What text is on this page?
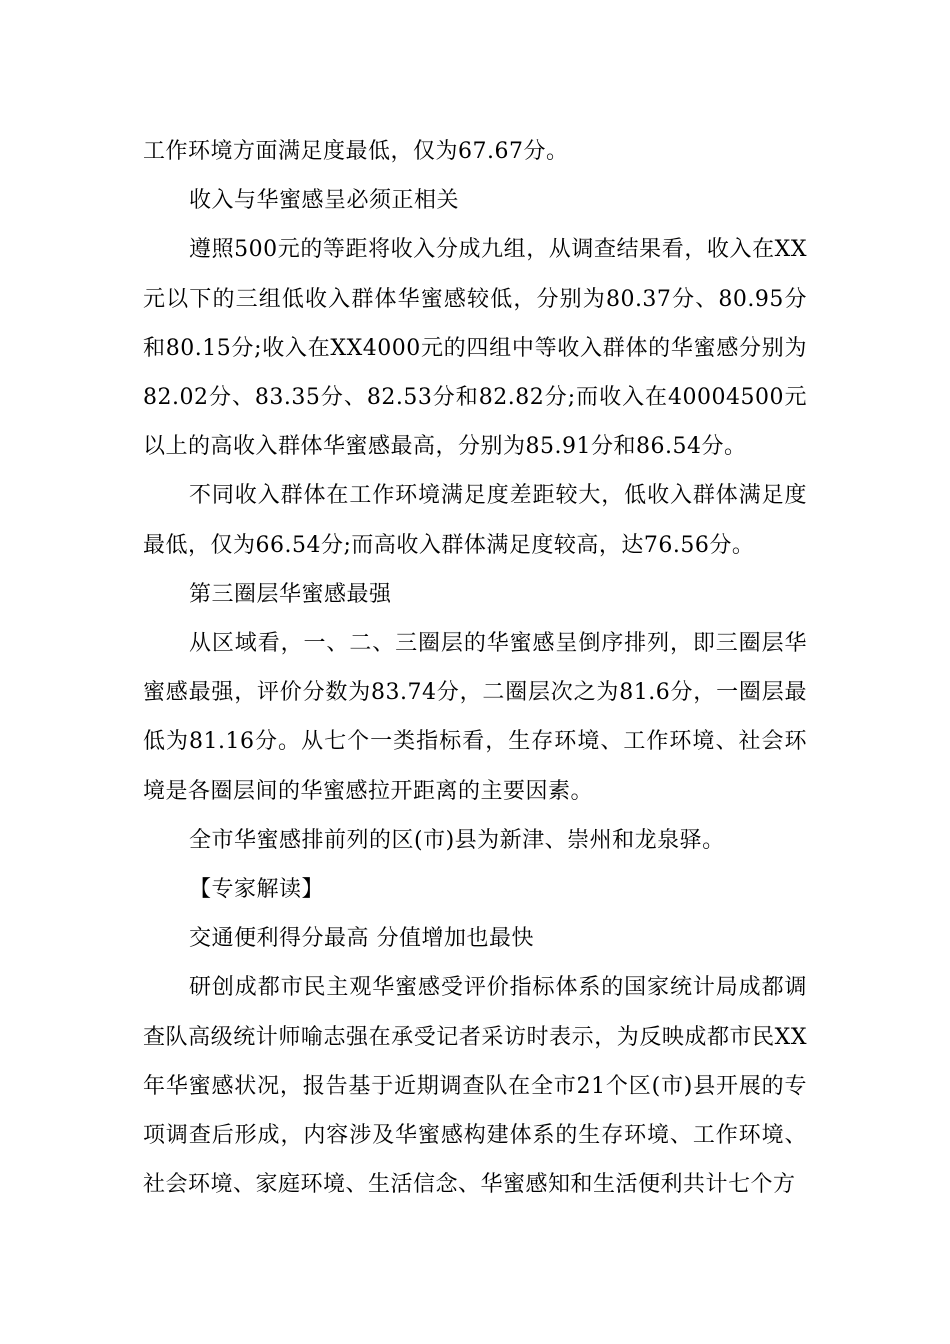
工作环境方面满足度最低，仅为67.67分。

收入与华蜜感呈必须正相关

遵照500元的等距将收入分成九组，从调查结果看，收入在XX元以下的三组低收入群体华蜜感较低，分别为80.37分、80.95分和80.15分;收入在XX4000元的四组中等收入群体的华蜜感分别为82.02分、83.35分、82.53分和82.82分;而收入在40004500元以上的高收入群体华蜜感最高，分别为85.91分和86.54分。

不同收入群体在工作环境满足度差距较大，低收入群体满足度最低，仅为66.54分;而高收入群体满足度较高，达76.56分。

第三圈层华蜜感最强

从区域看，一、二、三圈层的华蜜感呈倒序排列，即三圈层华蜜感最强，评价分数为83.74分，二圈层次之为81.6分，一圈层最低为81.16分。从七个一类指标看，生存环境、工作环境、社会环境是各圈层间的华蜜感拉开距离的主要因素。

全市华蜜感排前列的区(市)县为新津、崇州和龙泉驿。

【专家解读】

交通便利得分最高 分值增加也最快

研创成都市民主观华蜜感受评价指标体系的国家统计局成都调查队高级统计师喻志强在承受记者采访时表示，为反映成都市民XX年华蜜感状况，报告基于近期调查队在全市21个区(市)县开展的专项调查后形成，内容涉及华蜜感构建体系的生存环境、工作环境、社会环境、家庭环境、生活信念、华蜜感知和生活便利共计七个方
